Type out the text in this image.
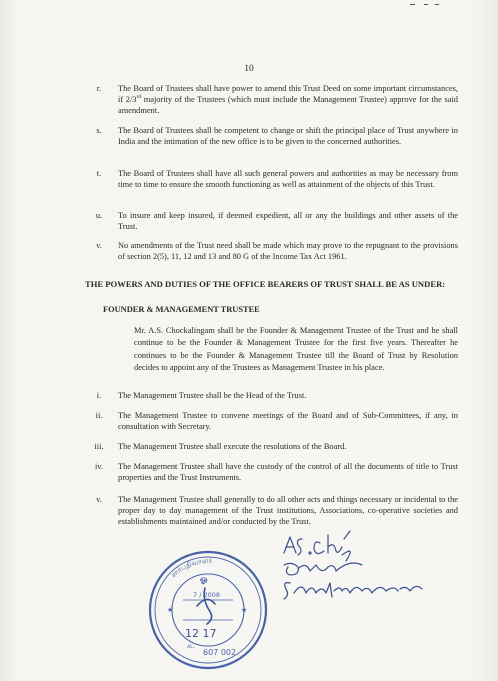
10
r.	The Board of Trustees shall have power to amend this Trust Deed on some important circumstances, if 2/3rd majority of the Trustees (which must include the Management Trustee) approve for the said amendment.

s.	The Board of Trustees shall be competent to change or shift the principal place of Trust anywhere in India and the intimation of the new office is to be given to the concerned authorities.

t.	The Board of Trustees shall have all such general powers and authorities as may be necessary from time to time to ensure the smooth functioning as well as attainment of the objects of this Trust.

u.	To insure and keep insured, if deemed expedient, all or any the buildings and other assets of the Trust.

v.	No amendments of the Trust need shall be made which may prove to the repugnant to the provisions of section 2(5), 11, 12 and 13 and 80 G of the Income Tax Act 1961.

THE POWERS AND DUTIES OF THE OFFICE BEARERS OF TRUST SHALL BE AS UNDER:
FOUNDER & MANAGEMENT TRUSTEE

Mr. A.S. Chockalingam shall be the Founder & Management Trustee of the Trust and he shall continue to be the Founder & Management Trustee for the first five years. Thereafter he continues to be the Founder & Management Trustee till the Board of Trust by Resolution decides to appoint any of the Trustees as Management Trustee in his place.

i.	The Management Trustee shall be the Head of the Trust.

ii.	The Management Trustee to convene meetings of the Board and of Sub-Committees, if any, in consultation with Secretary.

iii.	The Management Trustee shall execute the resolutions of the Board.

iv.	The Management Trustee shall have the custody of the control of all the documents of title to Trust properties and the Trust Instruments.

v.	The Management Trustee shall generally to do all other acts and things necessary or incidental to the proper day to day management of the Trust institutions, Associations, co-operative societies and establishments maintained and/or conducted by the Trust.

சார்பதிவாளர்
ஓ
★	★
சு.
607 002
7 / 2008
12 17
